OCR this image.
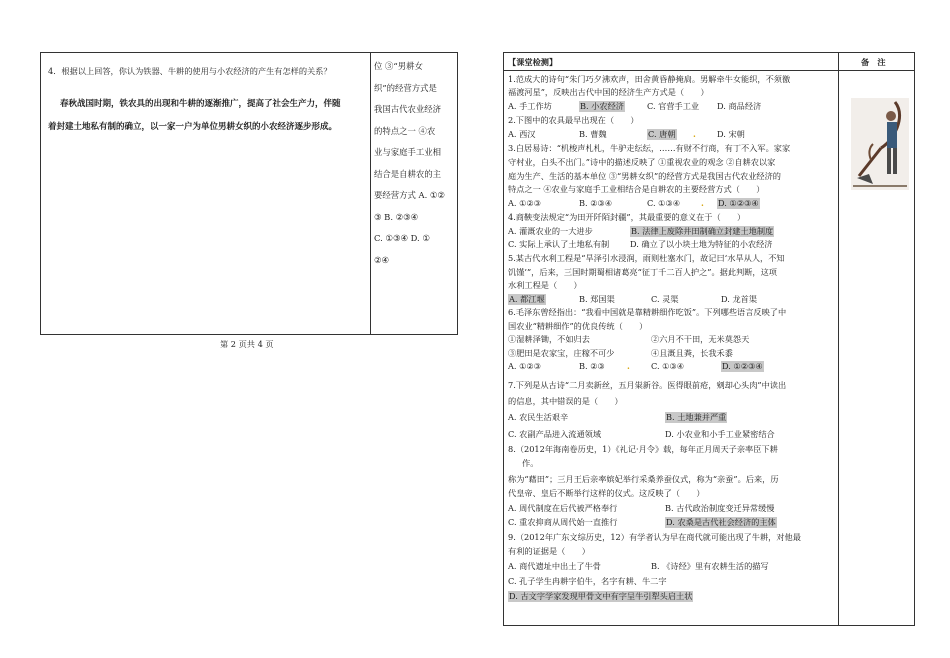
4．根据以上回答，你认为铁器、牛耕的使用与小农经济的产生有怎样的关系？
春秋战国时期，铁农具的出现和牛耕的逐渐推广，提高了社会生产力，伴随
着封建土地私有制的确立，以一家一户为单位男耕女织的小农经济逐步形成。
位 ③“男耕女
织”的经营方式是
我国古代农业经济
的特点之一 ④农
业与家庭手工业相
结合是自耕农的主
要经营方式 A. ①②
③ B. ②③④
C. ①③④ D. ①
②④
第 2 页共 4 页
【课堂检测】	备　注
1.范成大的诗句“朱门巧夕沸欢声，田舍黄昏静掩扃。男解牵牛女能织，不须徼
福渡河星”，反映出古代中国的经济生产方式是（　　）
A. 手工作坊	B. 小农经济	C. 官营手工业 D. 商品经济
2.下图中的农具最早出现在（　　）
A. 西汉	B. 曹魏	C. 唐朝 .	D. 宋朝
3.白居易诗：“机梭声札札，牛驴走纭纭，……有财不行商，有丁不入军。家家
守村业，白头不出门。”诗中的描述反映了 ①重视农业的观念 ②自耕农以家
庭为生产、生活的基本单位 ③“男耕女织”的经营方式是我国古代农业经济的
特点之一 ④农业与家庭手工业相结合是自耕农的主要经营方式（　　）
A. ①②③	B. ②③④	C. ①③④	. D. ①②③④
4.商鞅变法规定“为田开阡陌封疆”，其最重要的意义在于（　　）
A. 灌溉农业的一大进步	B. 法律上废除井田制确立封建土地制度
C. 实际上承认了土地私有制	D. 确立了以小块土地为特征的小农经济
5.某古代水利工程是“旱泽引水浸润，雨则杜塞水门，故记曰‘水旱从人，不知
饥馑’”，后来，三国时期蜀相诸葛亮“征丁千二百人护之”。据此判断，这项
水利工程是（　　）
A. 都江堰	B. 郑国渠	C. 灵渠	D. 龙首渠
6.毛泽东曾经指出：“我看中国就是靠精耕细作吃饭”。下列哪些语言反映了中
国农业“精耕细作”的优良传统（　　）
①湿耕泽锄，不如归去	②六月不干田，无米莫怨天
③肥田是农家宝，庄稼不可少	④且溉且粪，长我禾黍
A. ①②③	B. ②③	.	C. ①③④	D. ①②③④
7.下列是从古诗“二月卖新丝，五月粜新谷。医得眼前疮，剜却心头肉”中读出
的信息，其中错误的是（　　）
A. 农民生活艰辛	B. 土地兼并严重
C. 农副产品进入流通领域	D. 小农业和小手工业紧密结合
8.（2012年海南卷历史，1）《礼记·月令》载，每年正月周天子亲率臣下耕
作。
称为“藉田”；三月王后亲率嫔妃举行采桑养蚕仪式，称为“亲蚕”。后来，历
代皇帝、皇后不断举行这样的仪式。这反映了（　　）
A. 周代制度在后代被严格奉行	B. 古代政治制度变迁异常缓慢
C. 重农抑商从周代始一直推行	D. 农桑是古代社会经济的主体
9.（2012年广东文综历史，12）有学者认为早在商代就可能出现了牛耕，对他最
有利的证据是（　　）
A. 商代遗址中出土了牛骨	B. 《诗经》里有农耕生活的描写
C. 孔子学生冉耕字伯牛，名字有耕、牛二字
D. 古文字学家发现甲骨文中有字呈牛引犁头启土状
